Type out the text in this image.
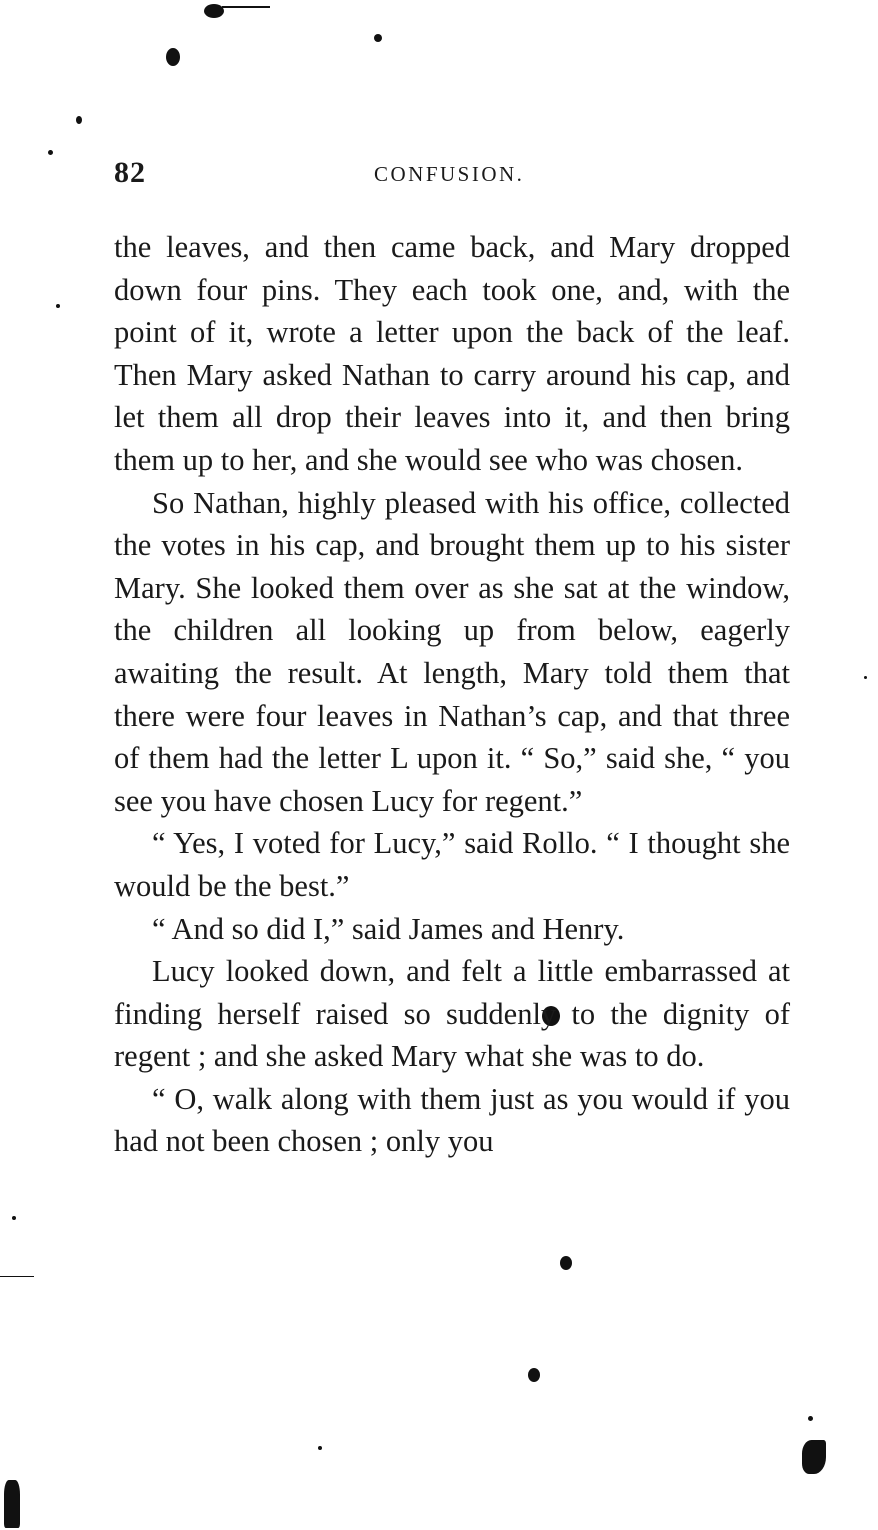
82	CONFUSION.

the leaves, and then came back, and Mary dropped down four pins. They each took one, and, with the point of it, wrote a letter upon the back of the leaf. Then Mary asked Nathan to carry around his cap, and let them all drop their leaves into it, and then bring them up to her, and she would see who was chosen.

So Nathan, highly pleased with his office, collected the votes in his cap, and brought them up to his sister Mary. She looked them over as she sat at the window, the children all looking up from below, eagerly awaiting the result. At length, Mary told them that there were four leaves in Nathan’s cap, and that three of them had the letter L upon it. “ So,” said she, “ you see you have chosen Lucy for regent.”

“ Yes, I voted for Lucy,” said Rollo. “ I thought she would be the best.”

“ And so did I,” said James and Henry.

Lucy looked down, and felt a little embarrassed at finding herself raised so suddenly to the dignity of regent ; and she asked Mary what she was to do.

“ O, walk along with them just as you would if you had not been chosen ; only you
